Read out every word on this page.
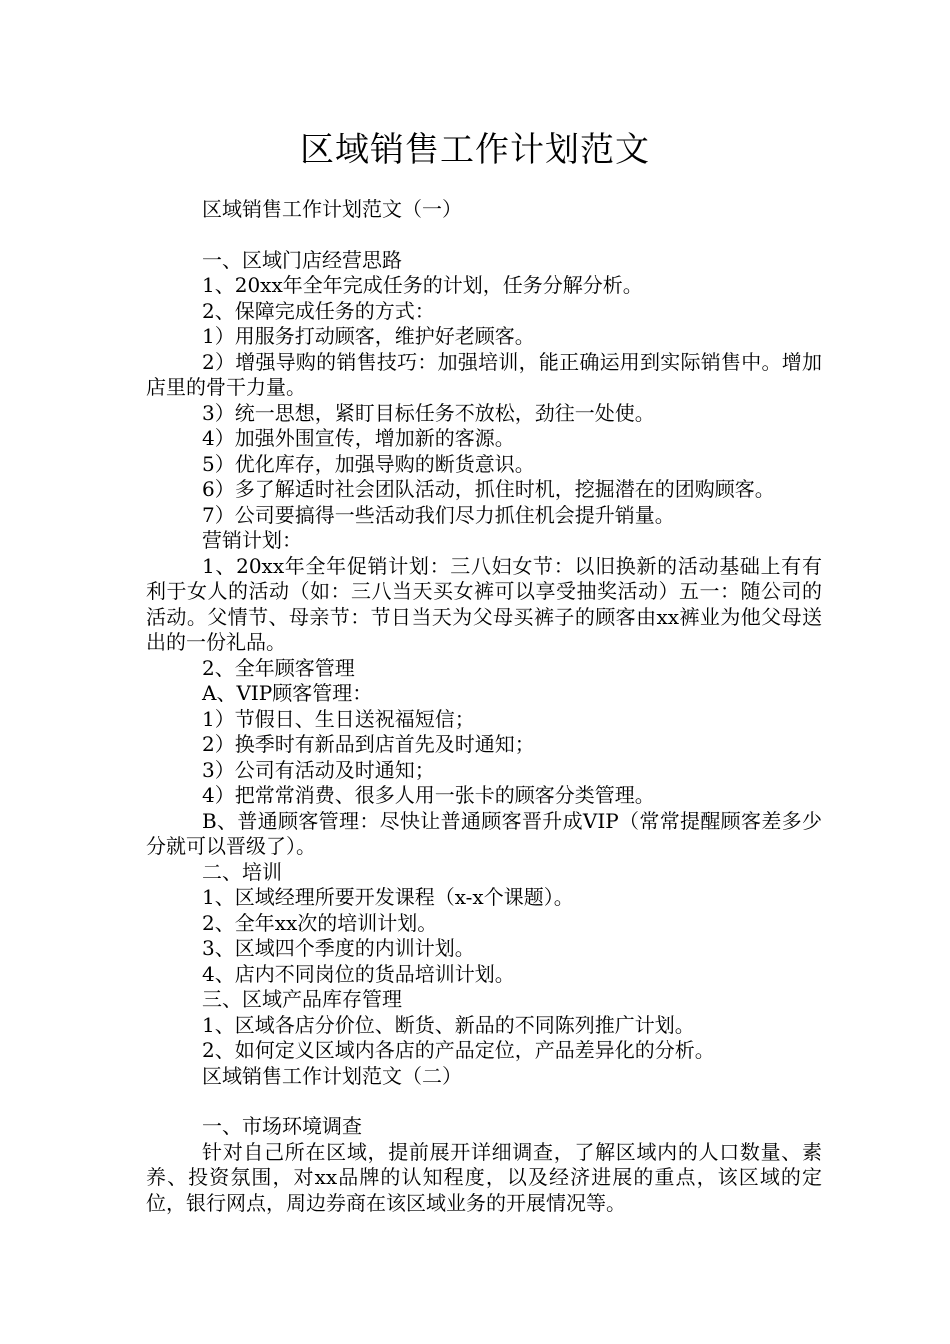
区域销售工作计划范文

区域销售工作计划范文（一）

一、区域门店经营思路

1、20xx年全年完成任务的计划，任务分解分析。

2、保障完成任务的方式：

1）用服务打动顾客，维护好老顾客。

2）增强导购的销售技巧：加强培训，能正确运用到实际销售中。增加店里的骨干力量。

3）统一思想，紧盯目标任务不放松，劲往一处使。

4）加强外围宣传，增加新的客源。

5）优化库存，加强导购的断货意识。

6）多了解适时社会团队活动，抓住时机，挖掘潜在的团购顾客。

7）公司要搞得一些活动我们尽力抓住机会提升销量。

营销计划：

1、20xx年全年促销计划：三八妇女节：以旧换新的活动基础上有有利于女人的活动（如：三八当天买女裤可以享受抽奖活动）五一：随公司的活动。父情节、母亲节：节日当天为父母买裤子的顾客由xx裤业为他父母送出的一份礼品。

2、全年顾客管理

A、VIP顾客管理：

1）节假日、生日送祝福短信；

2）换季时有新品到店首先及时通知；

3）公司有活动及时通知；

4）把常常消费、很多人用一张卡的顾客分类管理。

B、普通顾客管理：尽快让普通顾客晋升成VIP（常常提醒顾客差多少分就可以晋级了）。

二、培训

1、区域经理所要开发课程（x-x个课题）。

2、全年xx次的培训计划。

3、区域四个季度的内训计划。

4、店内不同岗位的货品培训计划。

三、区域产品库存管理

1、区域各店分价位、断货、新品的不同陈列推广计划。

2、如何定义区域内各店的产品定位，产品差异化的分析。

区域销售工作计划范文（二）

一、市场环境调查

针对自己所在区域，提前展开详细调查，了解区域内的人口数量、素养、投资氛围，对xx品牌的认知程度，以及经济进展的重点，该区域的定位，银行网点，周边券商在该区域业务的开展情况等。
